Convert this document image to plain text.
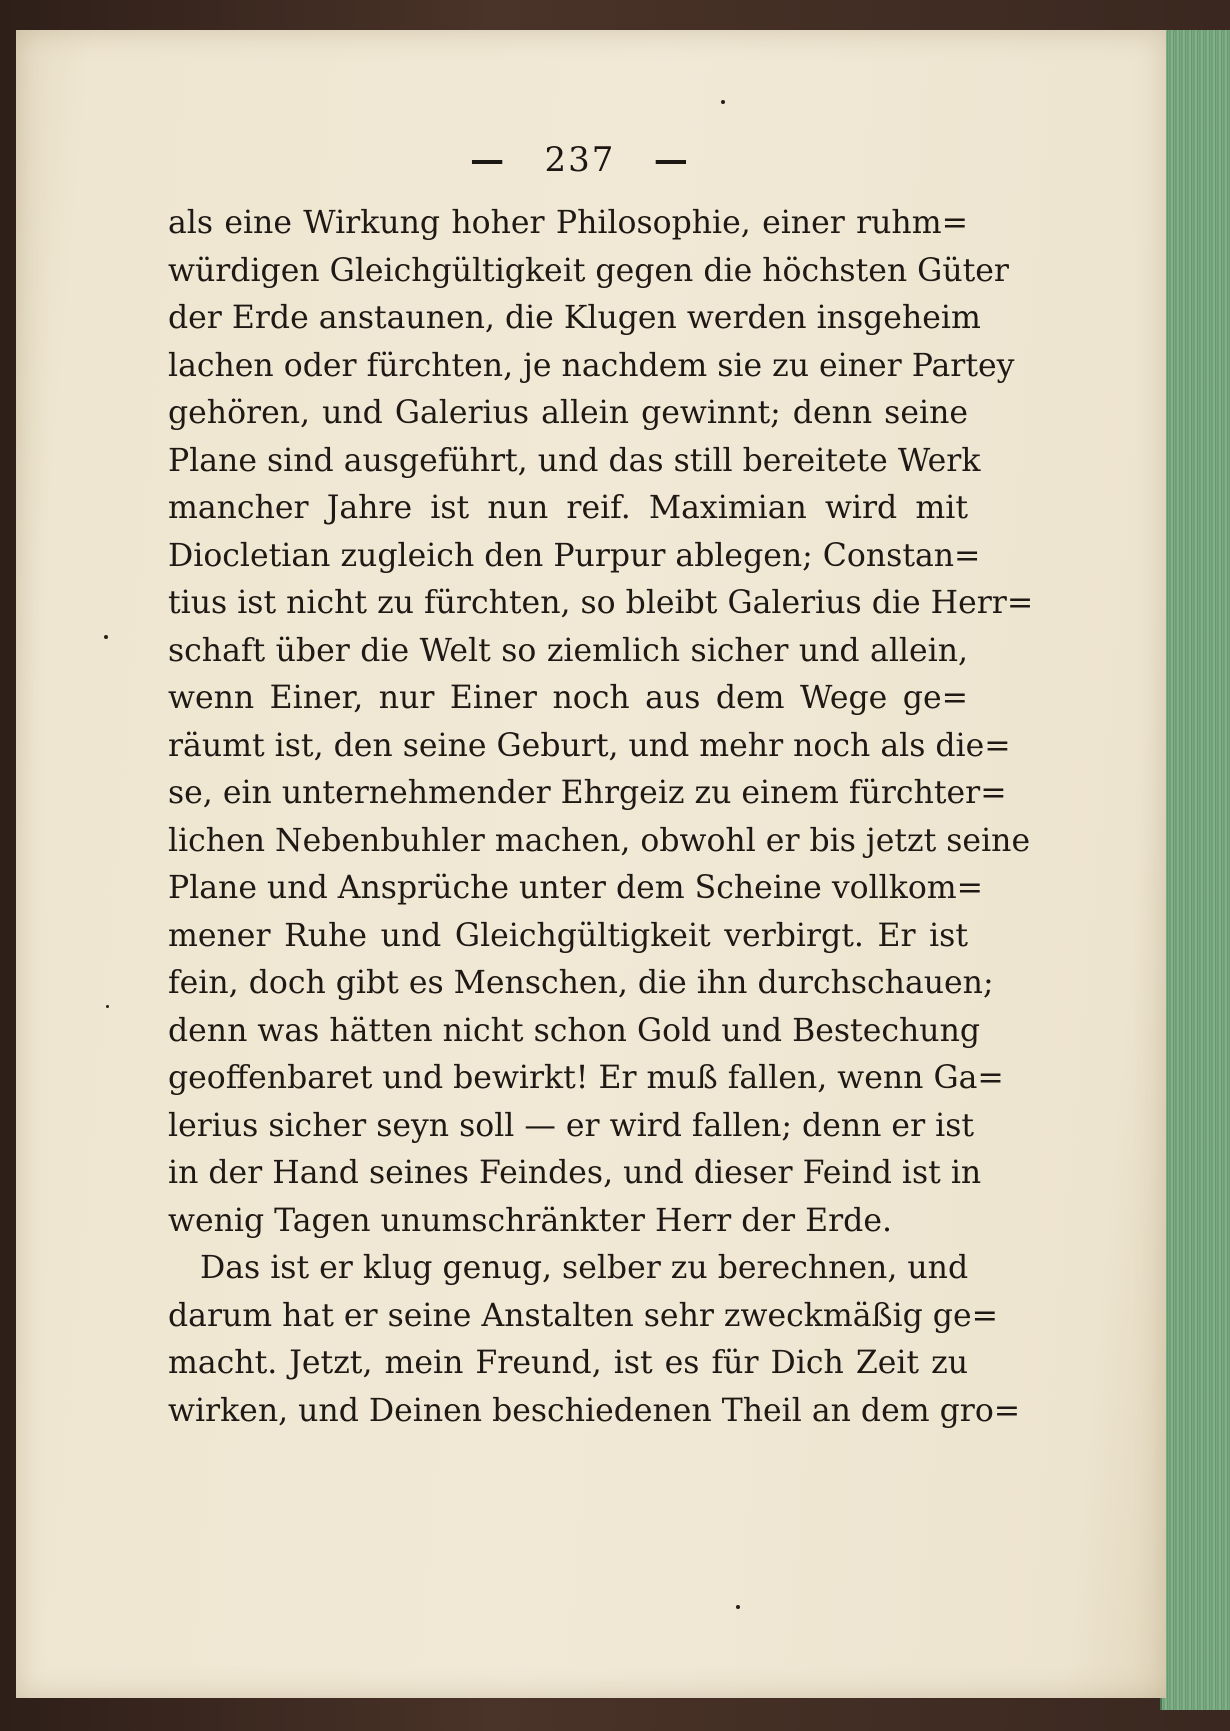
— 237 —
als eine Wirkung hoher Philosophie, einer ruhm=
würdigen Gleichgültigkeit gegen die höchsten Güter
der Erde anstaunen, die Klugen werden insgeheim
lachen oder fürchten, je nachdem sie zu einer Partey
gehören, und Galerius allein gewinnt; denn seine
Plane sind ausgeführt, und das still bereitete Werk
mancher Jahre ist nun reif. Maximian wird mit
Diocletian zugleich den Purpur ablegen; Constan=
tius ist nicht zu fürchten, so bleibt Galerius die Herr=
schaft über die Welt so ziemlich sicher und allein,
wenn Einer, nur Einer noch aus dem Wege ge=
räumt ist, den seine Geburt, und mehr noch als die=
se, ein unternehmender Ehrgeiz zu einem fürchter=
lichen Nebenbuhler machen, obwohl er bis jetzt seine
Plane und Ansprüche unter dem Scheine vollkom=
mener Ruhe und Gleichgültigkeit verbirgt. Er ist
fein, doch gibt es Menschen, die ihn durchschauen;
denn was hätten nicht schon Gold und Bestechung
geoffenbaret und bewirkt! Er muß fallen, wenn Ga=
lerius sicher seyn soll — er wird fallen; denn er ist
in der Hand seines Feindes, und dieser Feind ist in
wenig Tagen unumschränkter Herr der Erde.
Das ist er klug genug, selber zu berechnen, und
darum hat er seine Anstalten sehr zweckmäßig ge=
macht. Jetzt, mein Freund, ist es für Dich Zeit zu
wirken, und Deinen beschiedenen Theil an dem gro=
